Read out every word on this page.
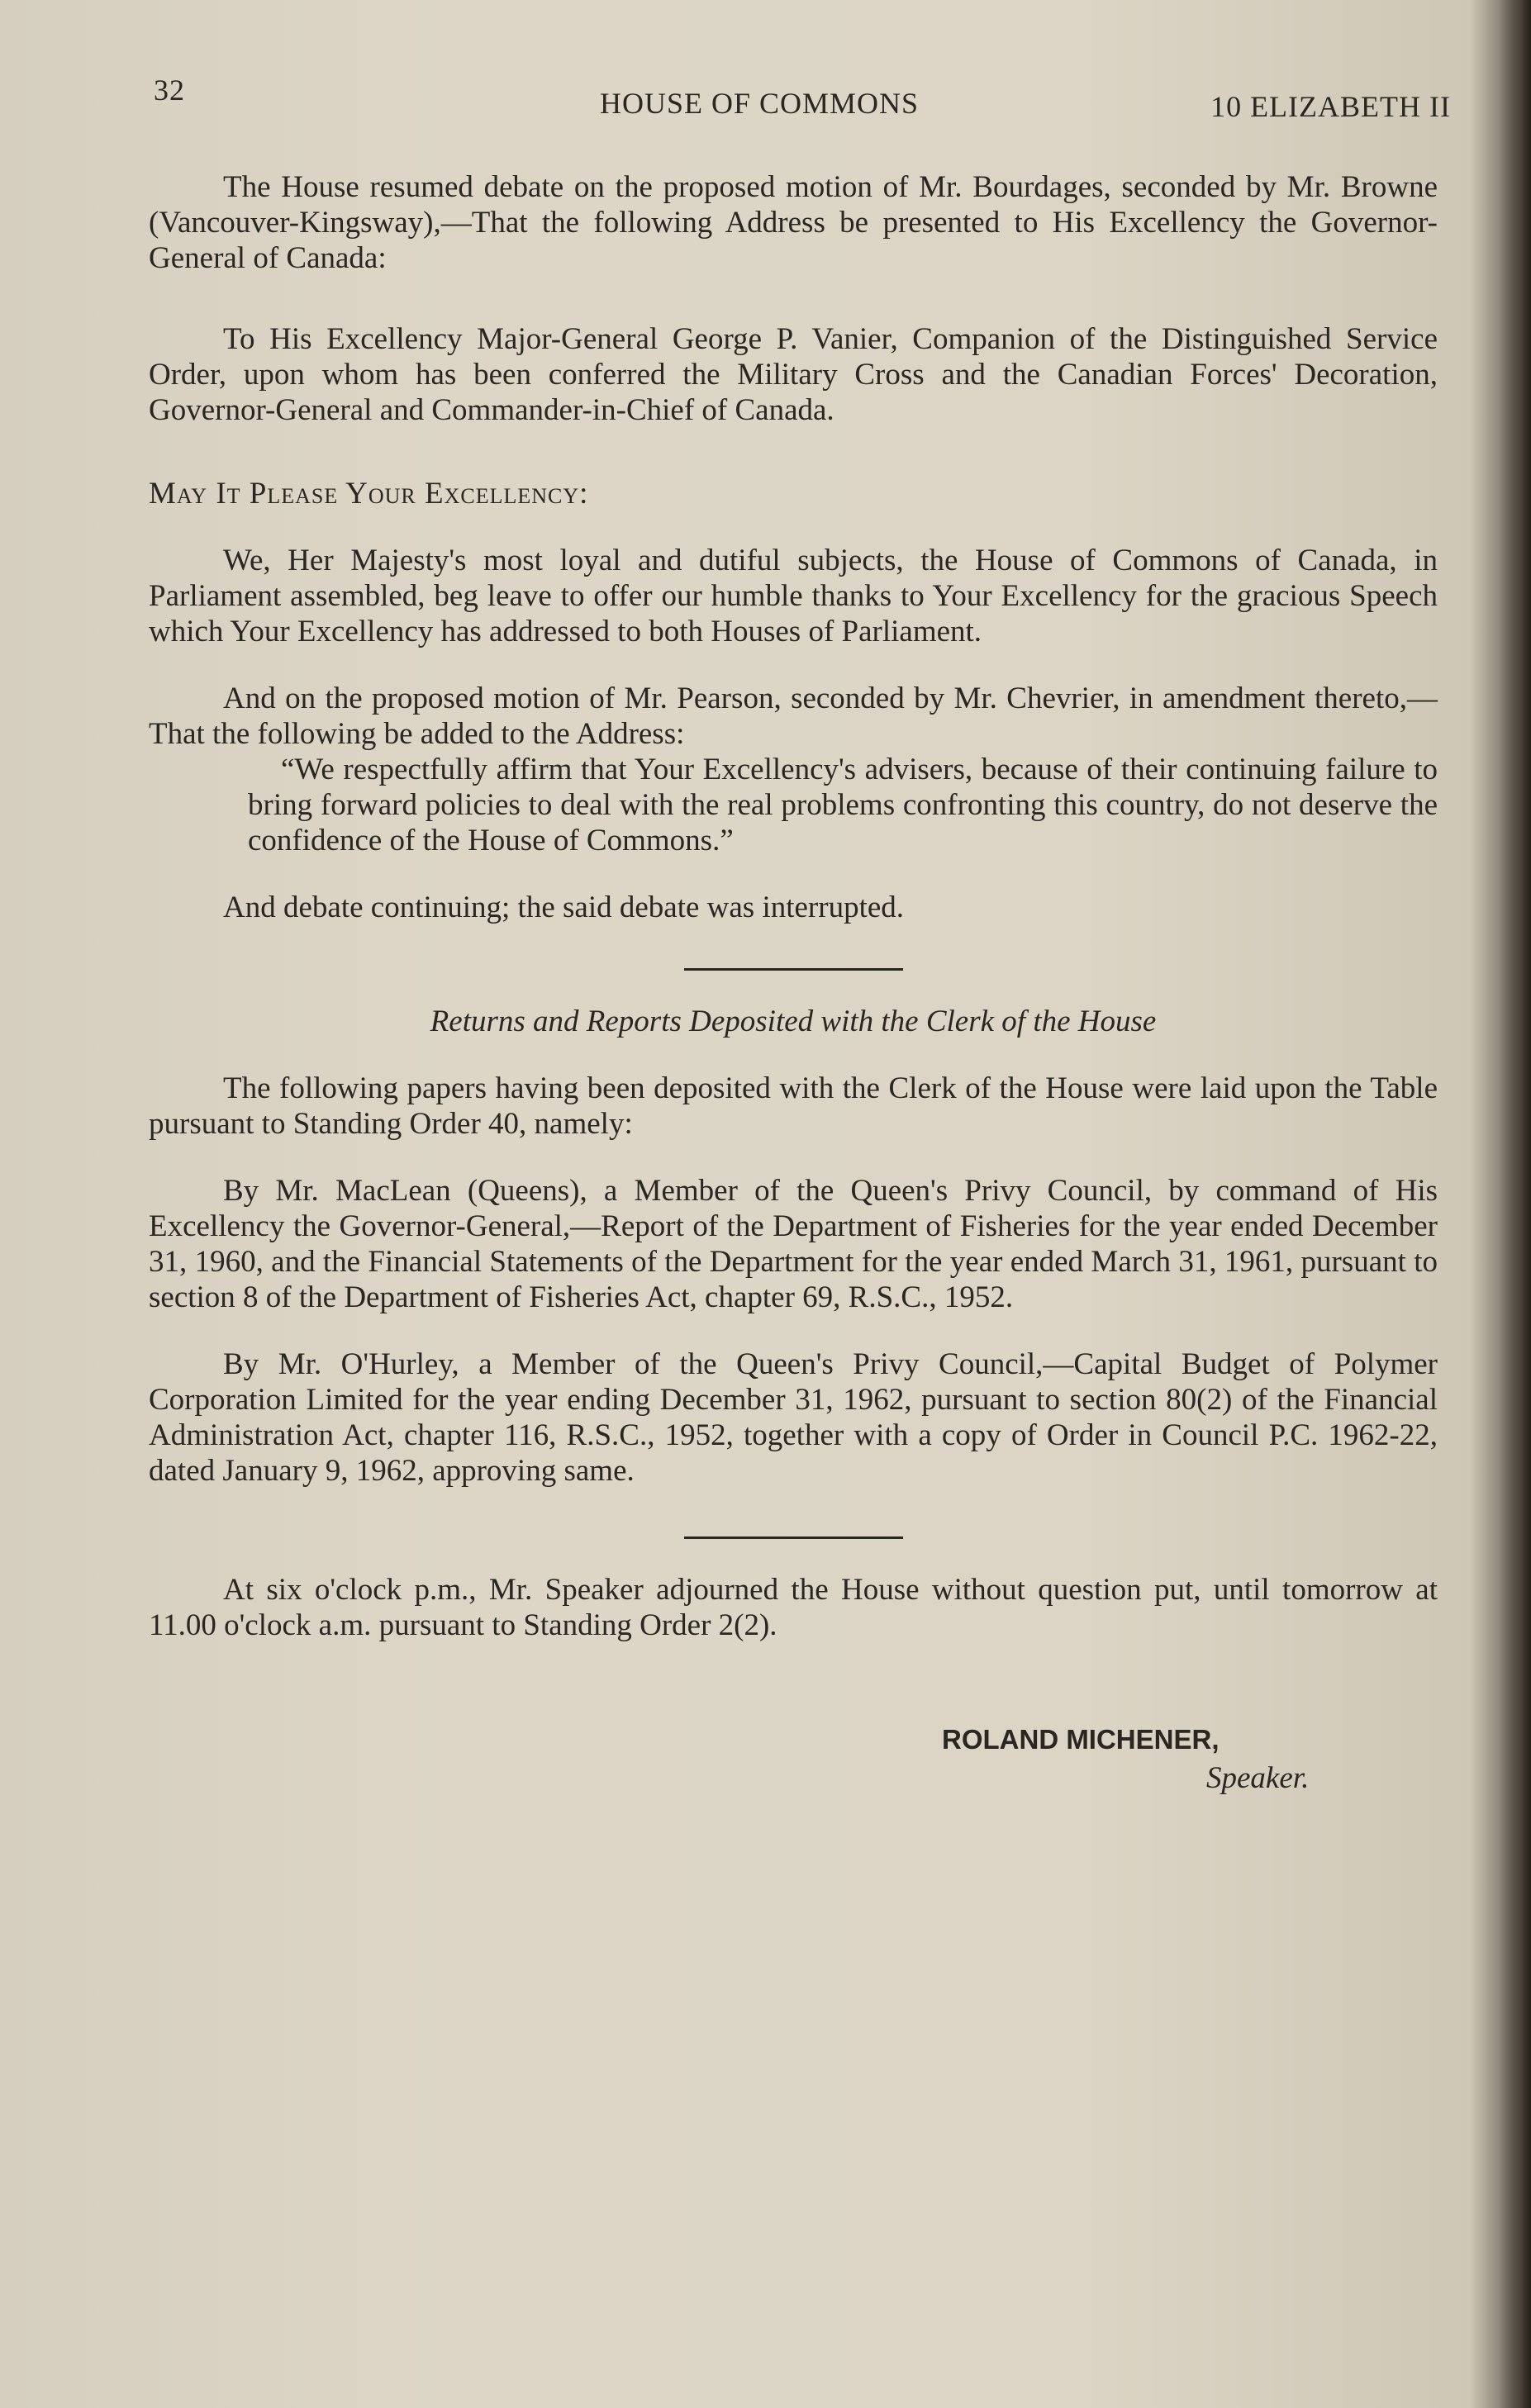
32	HOUSE OF COMMONS	10 ELIZABETH II

The House resumed debate on the proposed motion of Mr. Bourdages, seconded by Mr. Browne (Vancouver-Kingsway),—That the following Address be presented to His Excellency the Governor-General of Canada:

To His Excellency Major-General George P. Vanier, Companion of the Distinguished Service Order, upon whom has been conferred the Military Cross and the Canadian Forces' Decoration, Governor-General and Commander-in-Chief of Canada.

May It Please Your Excellency:

We, Her Majesty's most loyal and dutiful subjects, the House of Commons of Canada, in Parliament assembled, beg leave to offer our humble thanks to Your Excellency for the gracious Speech which Your Excellency has addressed to both Houses of Parliament.

And on the proposed motion of Mr. Pearson, seconded by Mr. Chevrier, in amendment thereto,—That the following be added to the Address:

“We respectfully affirm that Your Excellency's advisers, because of their continuing failure to bring forward policies to deal with the real problems confronting this country, do not deserve the confidence of the House of Commons.”

And debate continuing; the said debate was interrupted.

Returns and Reports Deposited with the Clerk of the House

The following papers having been deposited with the Clerk of the House were laid upon the Table pursuant to Standing Order 40, namely:

By Mr. MacLean (Queens), a Member of the Queen's Privy Council, by command of His Excellency the Governor-General,—Report of the Department of Fisheries for the year ended December 31, 1960, and the Financial Statements of the Department for the year ended March 31, 1961, pursuant to section 8 of the Department of Fisheries Act, chapter 69, R.S.C., 1952.

By Mr. O'Hurley, a Member of the Queen's Privy Council,—Capital Budget of Polymer Corporation Limited for the year ending December 31, 1962, pursuant to section 80(2) of the Financial Administration Act, chapter 116, R.S.C., 1952, together with a copy of Order in Council P.C. 1962-22, dated January 9, 1962, approving same.

At six o'clock p.m., Mr. Speaker adjourned the House without question put, until tomorrow at 11.00 o'clock a.m. pursuant to Standing Order 2(2).

ROLAND MICHENER,

Speaker.
